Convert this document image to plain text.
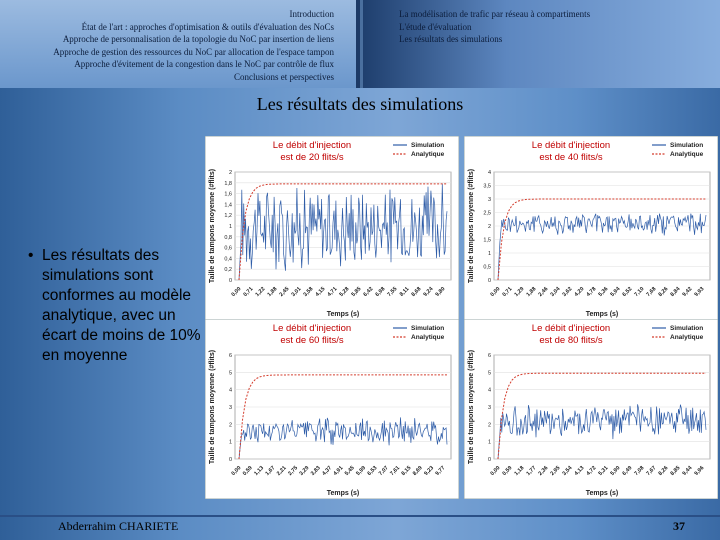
Introduction
État de l'art : approches d'optimisation & outils d'évaluation des NoCs
Approche de personnalisation de la topologie du NoC par insertion de liens
Approche de gestion des ressources du NoC par allocation de l'espace tampon
Approche d'évitement de la congestion dans le NoC par contrôle de flux
Conclusions et perspectives
La modélisation de trafic par réseau à compartiments
L'étude d'évaluation
Les résultats des simulations
Les résultats des simulations
• Les résultats des simulations sont conformes au modèle analytique, avec un écart de moins de 10% en moyenne
0
0,2
0,4
0,6
0,8
1
1,2
1,4
1,6
1,8
2
0,00 0,71 1,22 1,88 2,45 3,01 3,58 4,15 4,71 5,28 5,85 6,42 6,98 7,55 8,11 8,68 9,24 9,80
Temps (s)
Taille de tampons moyenne (#flits)
Le débit d'injection
est de 20 flits/s
Simulation
Analytique
0
0,5
1
1,5
2
2,5
3
3,5
4
0,00 0,71 1,29 1,88 2,46 3,04 3,62 4,20 4,78 5,36 5,94 6,52 7,10 7,68 8,26 8,84 9,42 9,93
Temps (s)
Taille de tampons moyenne (#flits)
Le débit d'injection
est de 40 flits/s
Simulation
Analytique
0
1
2
3
4
5
6
0,00 0,59 1,13 1,67 2,21 2,75 3,29 3,83 4,37 4,91 5,45 5,99 6,53 7,07 7,61 8,15 8,69 9,23 9,77
Temps (s)
Taille de tampons moyenne (#flits)
Le débit d'injection
est de 60 flits/s
Simulation
Analytique
0
1
2
3
4
5
6
0,00 0,59 1,18 1,77 2,36 2,95 3,54 4,13 4,72 5,31 5,90 6,49 7,08 7,67 8,26 8,85 9,44 9,96
Temps (s)
Taille de tampons moyenne (#flits)
Le débit d'injection
est de 80 flits/s
Simulation
Analytique
Abderrahim CHARIETE	37
